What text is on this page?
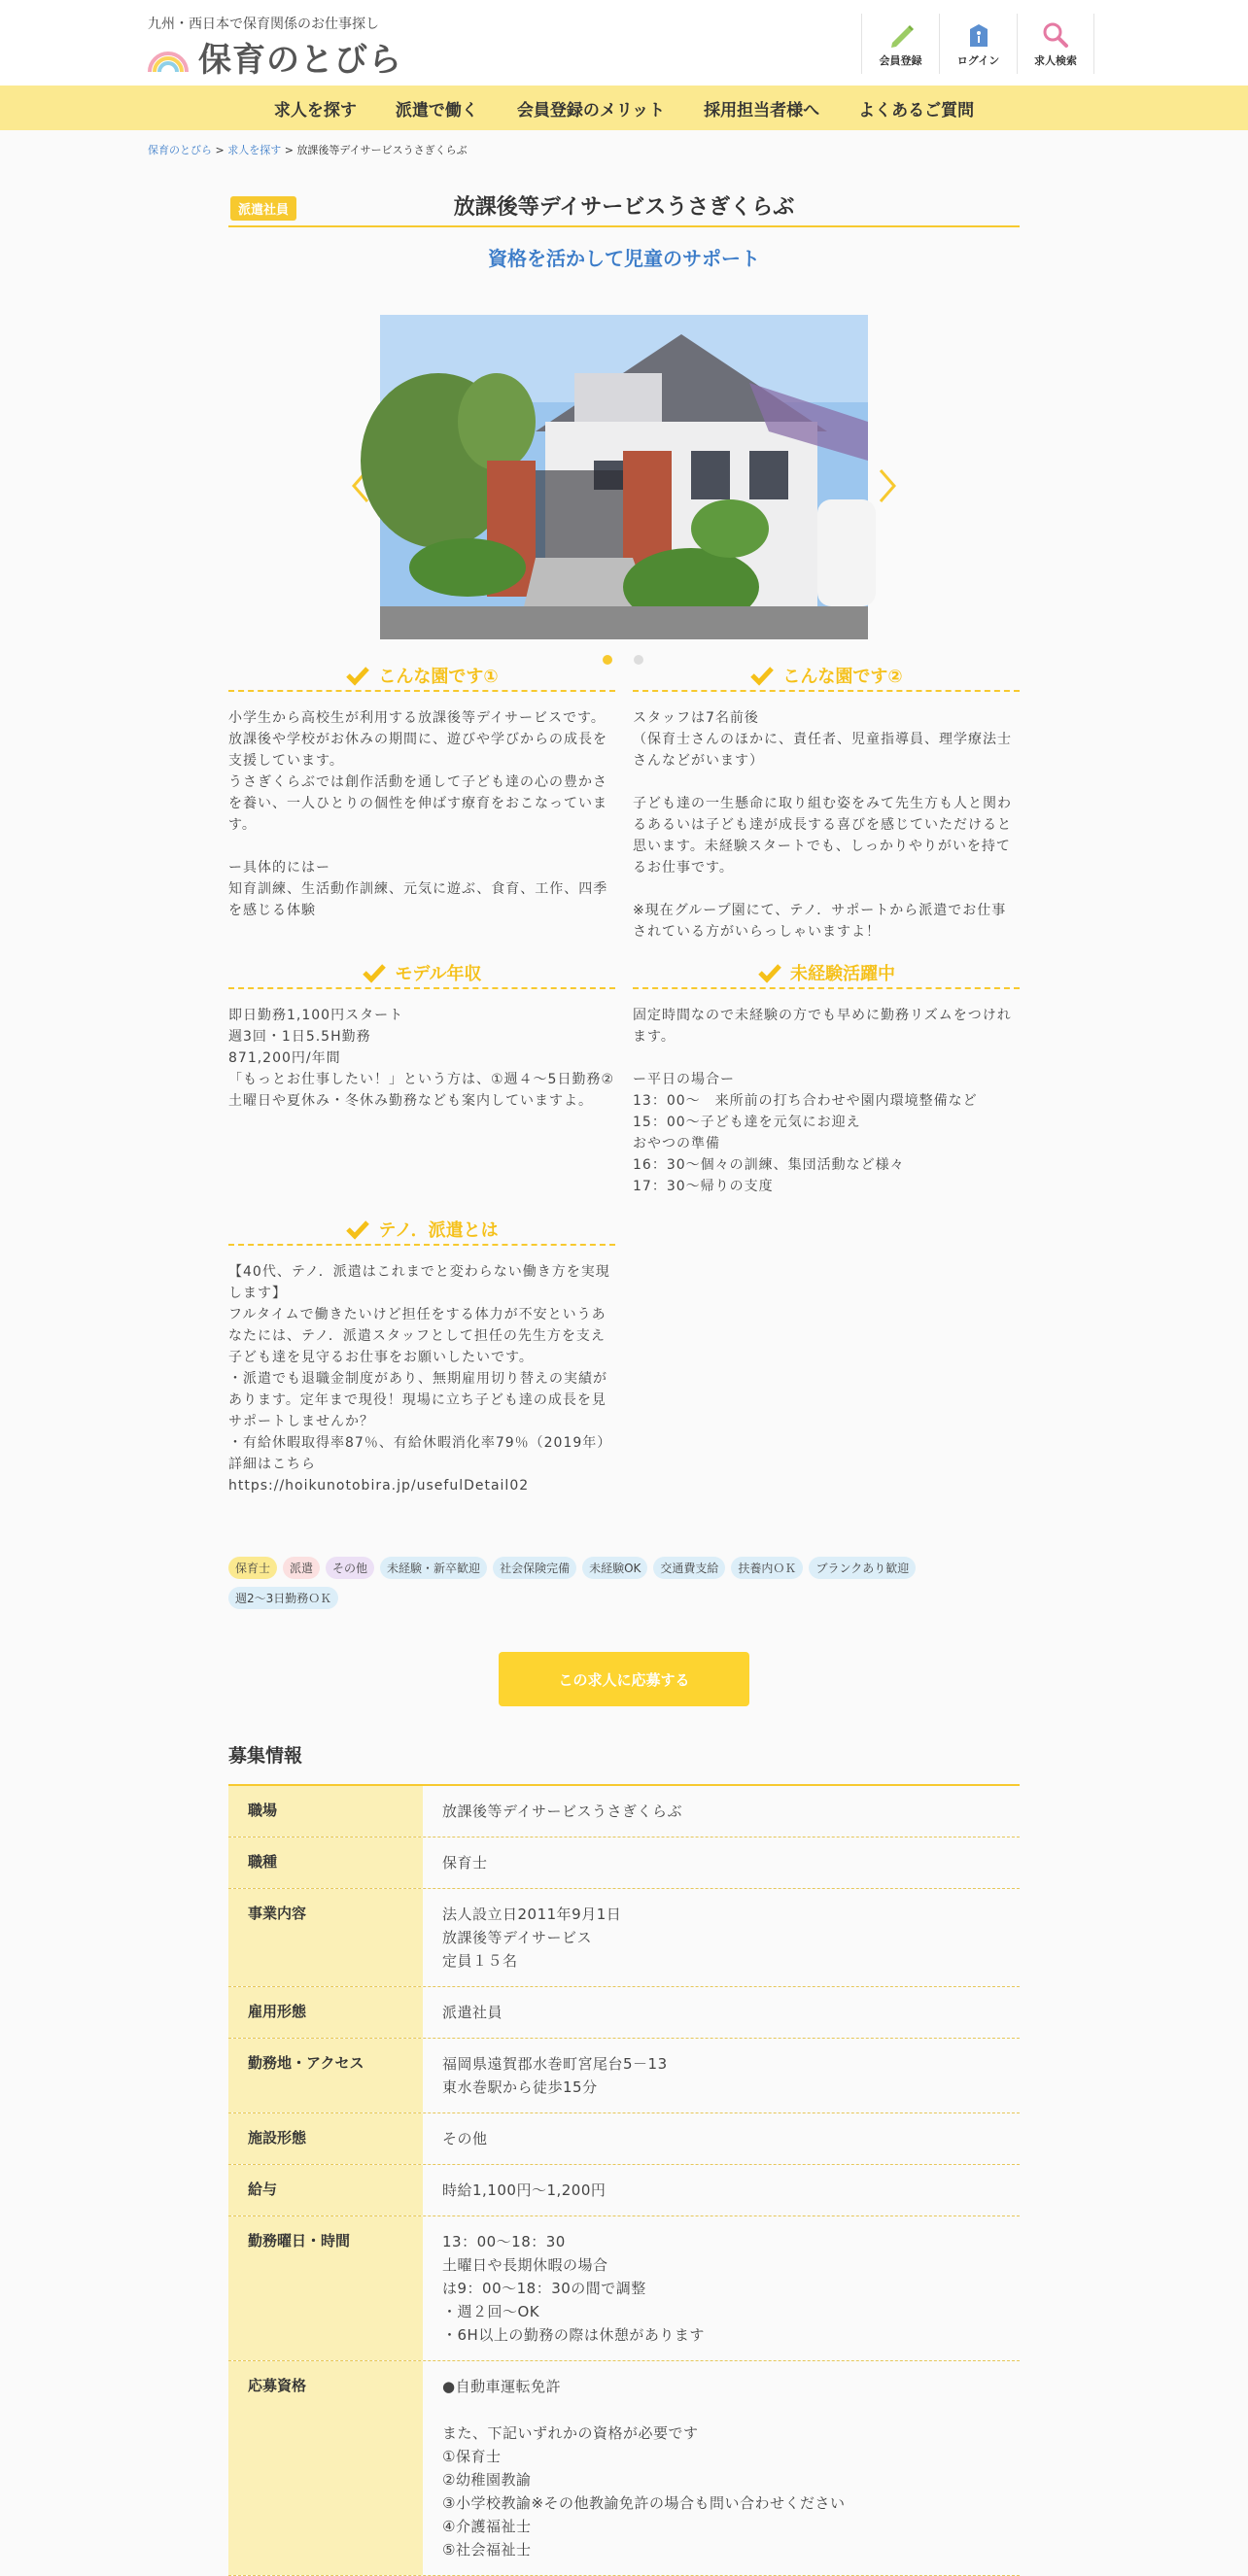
九州・西日本で保育関係のお仕事探し
保育のとびら	会員登録	ログイン	求人検索
求人を探す 派遣で働く 会員登録のメリット 採用担当者様へ よくあるご質問
保育のとびら > 求人を探す > 放課後等デイサービスうさぎくらぶ
放課後等デイサービスうさぎくらぶ
派遣社員
資格を活かして児童のサポート
こんな園です①
小学生から高校生が利用する放課後等デイサービスです。放課後や学校がお休みの期間に、遊びや学びからの成長を支援しています。
うさぎくらぶでは創作活動を通して子ども達の心の豊かさを養い、一人ひとりの個性を伸ばす療育をおこなっています。

ー具体的にはー
知育訓練、生活動作訓練、元気に遊ぶ、食育、工作、四季を感じる体験
こんな園です②
スタッフは7名前後
（保育士さんのほかに、責任者、児童指導員、理学療法士さんなどがいます）

子ども達の一生懸命に取り組む姿をみて先生方も人と関わるあるいは子ども達が成長する喜びを感じていただけると思います。未経験スタートでも、しっかりやりがいを持てるお仕事です。

※現在グループ園にて、テノ．サポートから派遣でお仕事されている方がいらっしゃいますよ！
モデル年収
即日勤務1,100円スタート
週3回・1日5.5H勤務
871,200円/年間
「もっとお仕事したい！」という方は、①週４～5日勤務②土曜日や夏休み・冬休み勤務なども案内していますよ。
未経験活躍中
固定時間なので未経験の方でも早めに勤務リズムをつけれます。

ー平日の場合ー
13：00～　来所前の打ち合わせや園内環境整備など
15：00～子ども達を元気にお迎え
おやつの準備
16：30～個々の訓練、集団活動など様々
17：30～帰りの支度
テノ．派遣とは
【40代、テノ．派遣はこれまでと変わらない働き方を実現します】
フルタイムで働きたいけど担任をする体力が不安というあなたには、テノ．派遣スタッフとして担任の先生方を支え子ども達を見守るお仕事をお願いしたいです。
・派遣でも退職金制度があり、無期雇用切り替えの実績があります。定年まで現役！現場に立ち子ども達の成長を見サポートしませんか？
・有給休暇取得率87％、有給休暇消化率79％（2019年）
詳細はこちら
https://hoikunotobira.jp/usefulDetail02
保育士	派遣	その他	未経験・新卒歓迎	社会保険完備	未経験OK	交通費支給	扶養内ＯＫ	ブランクあり歓迎
週2～3日勤務ＯＫ
この求人に応募する
募集情報
職場	放課後等デイサービスうさぎくらぶ
職種	保育士
事業内容	法人設立日2011年9月1日
放課後等デイサービス
定員１５名
雇用形態	派遣社員
勤務地・アクセス	福岡県遠賀郡水巻町宮尾台5－13
東水巻駅から徒歩15分
施設形態	その他
給与	時給1,100円～1,200円
勤務曜日・時間	13：00～18：30
土曜日や長期休暇の場合
は9：00～18：30の間で調整
・週２回～OK
・6H以上の勤務の際は休憩があります
応募資格	●自動車運転免許

また、下記いずれかの資格が必要です
①保育士
②幼稚園教諭
③小学校教諭※その他教諭免許の場合も問い合わせください
④介護福祉士
⑤社会福祉士
